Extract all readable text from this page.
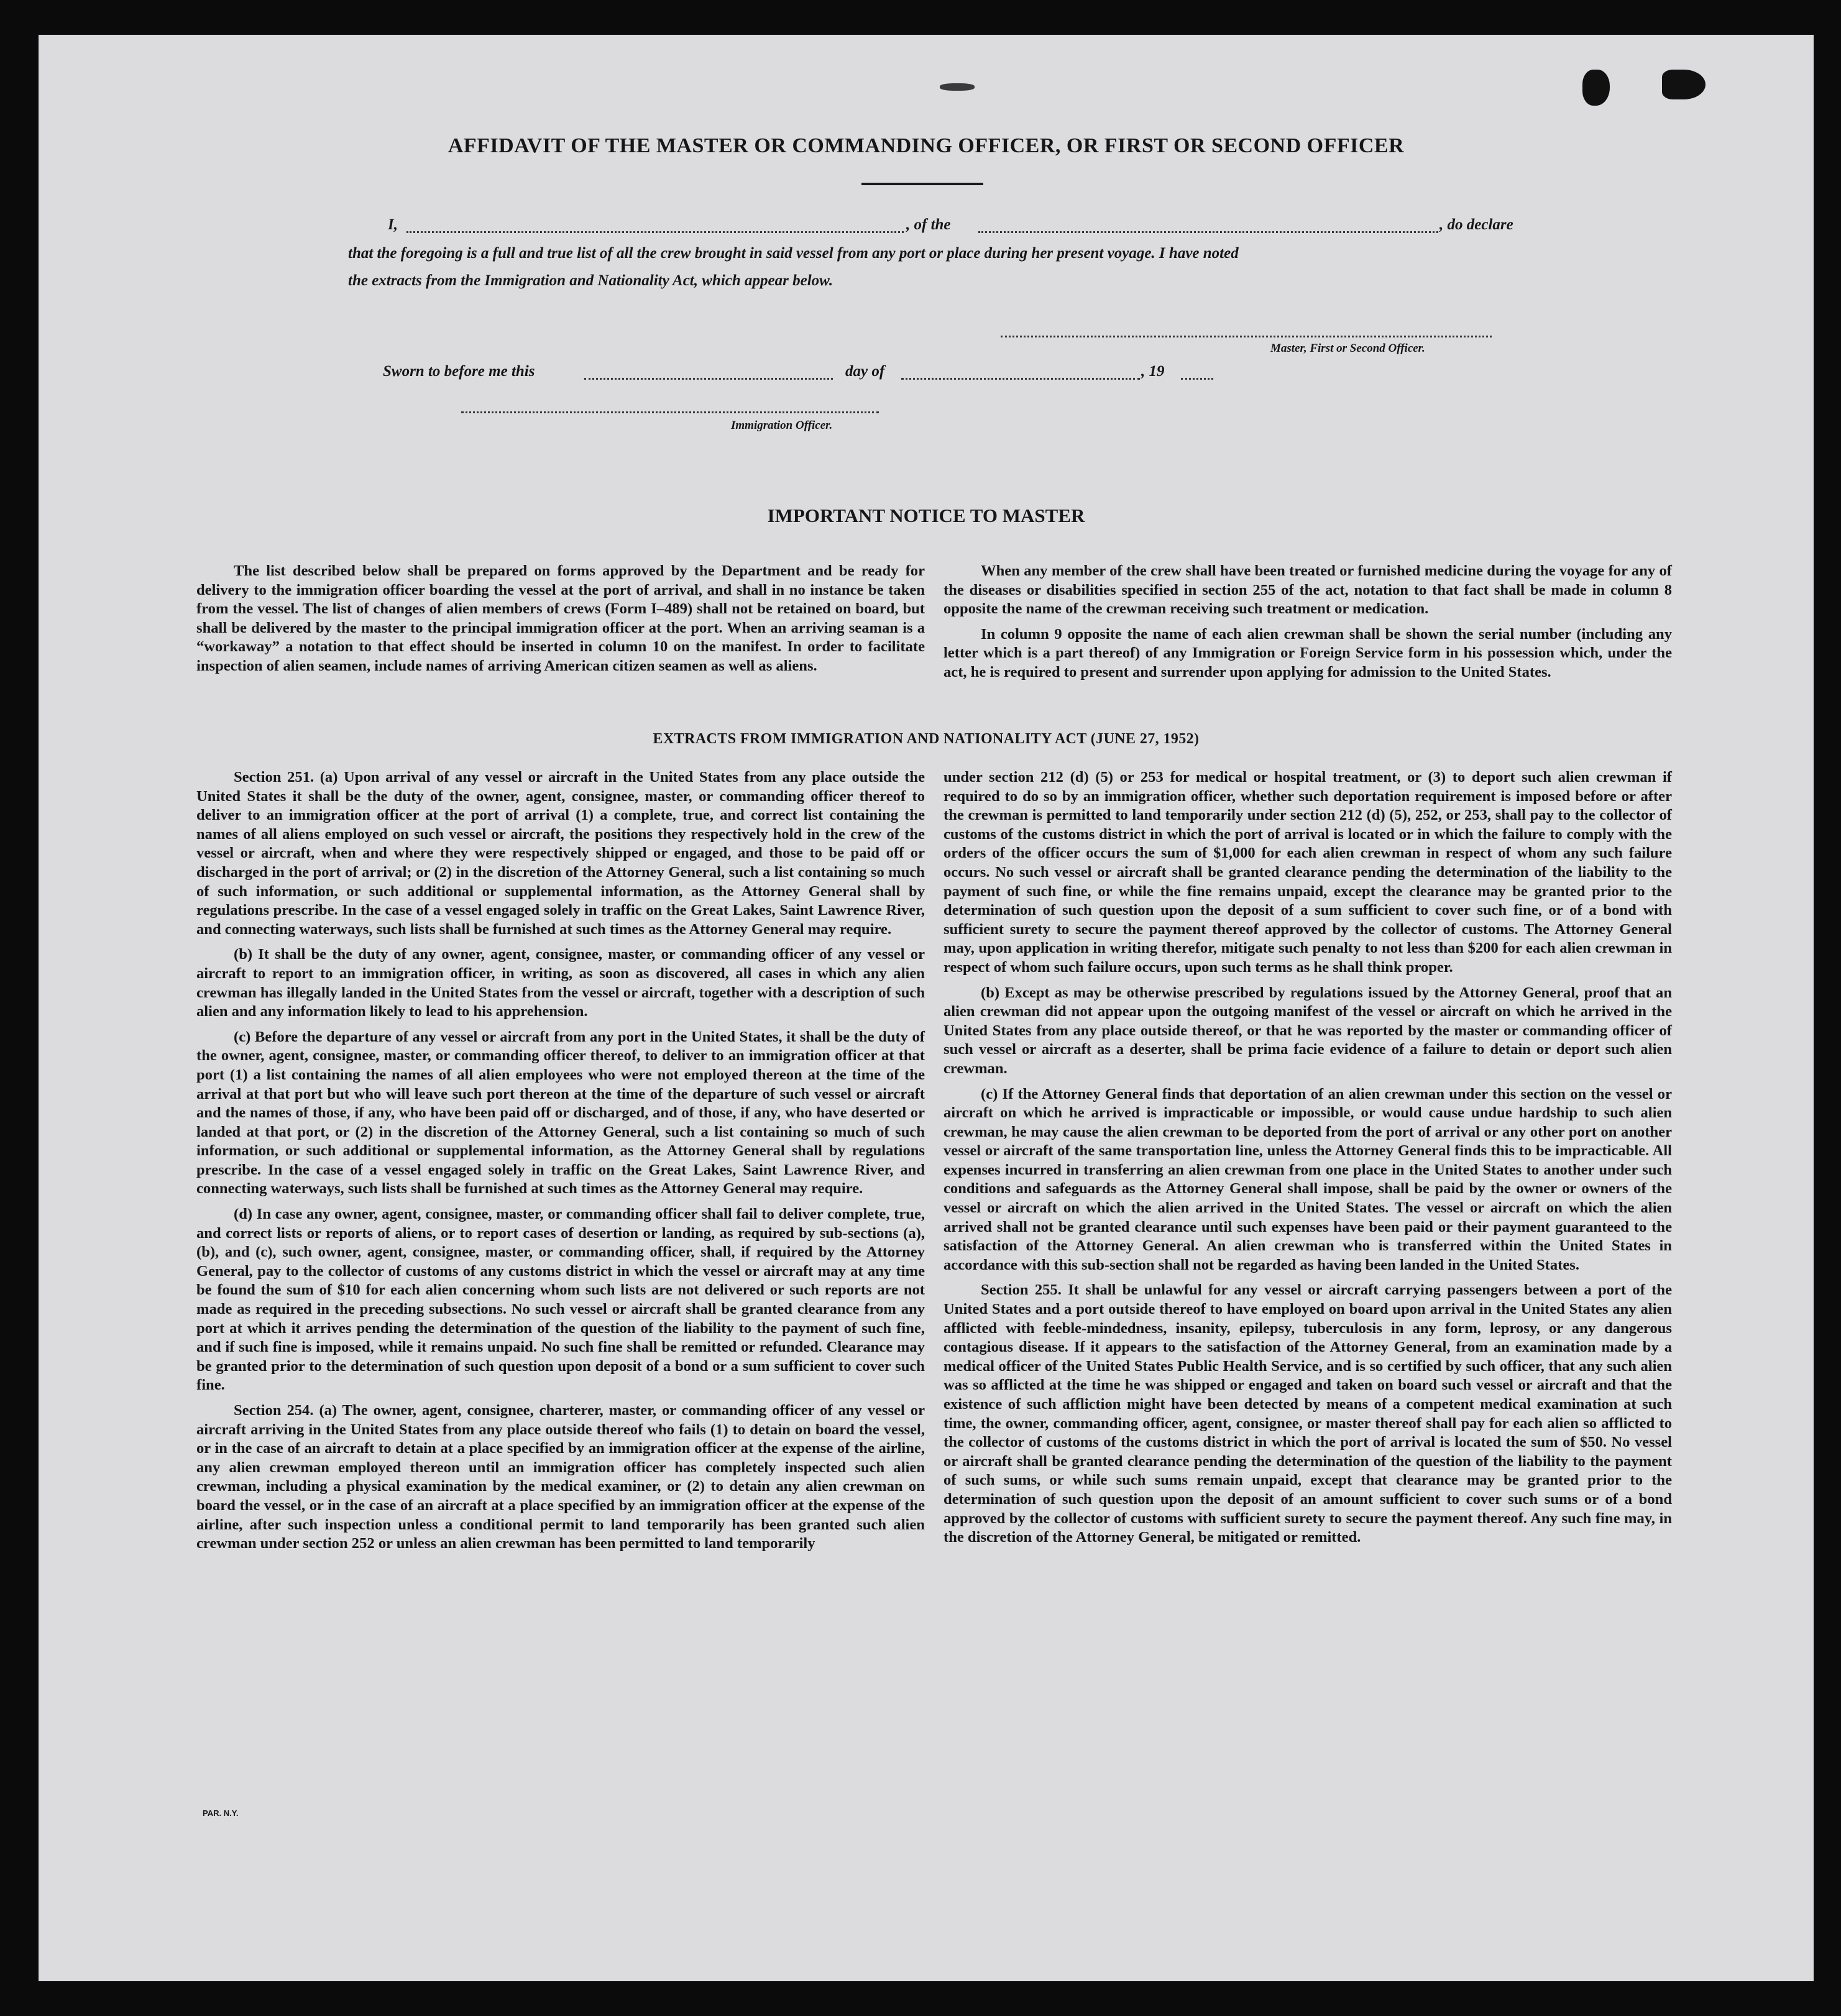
AFFIDAVIT OF THE MASTER OR COMMANDING OFFICER, OR FIRST OR SECOND OFFICER
I,	, of the	, do declare
that the foregoing is a full and true list of all the crew brought in said vessel from any port or place during her present voyage. I have noted
the extracts from the Immigration and Nationality Act, which appear below.
Master, First or Second Officer.
Sworn to before me this	day of	, 19
Immigration Officer.
IMPORTANT NOTICE TO MASTER

The list described below shall be prepared on forms approved by the Department and be ready for delivery to the immigration officer boarding the vessel at the port of arrival, and shall in no instance be taken from the vessel. The list of changes of alien members of crews (Form I–489) shall not be retained on board, but shall be delivered by the master to the principal immigration officer at the port. When an arriving seaman is a “workaway” a notation to that effect should be inserted in column 10 on the manifest. In order to facilitate inspection of alien seamen, include names of arriving American citizen seamen as well as aliens.

When any member of the crew shall have been treated or furnished medicine during the voyage for any of the diseases or disabilities specified in section 255 of the act, notation to that fact shall be made in column 8 opposite the name of the crewman receiving such treatment or medication.

In column 9 opposite the name of each alien crewman shall be shown the serial number (including any letter which is a part thereof) of any Immigration or Foreign Service form in his possession which, under the act, he is required to present and surrender upon applying for admission to the United States.

EXTRACTS FROM IMMIGRATION AND NATIONALITY ACT (JUNE 27, 1952)

Section 251. (a) Upon arrival of any vessel or aircraft in the United States from any place outside the United States it shall be the duty of the owner, agent, consignee, master, or commanding officer thereof to deliver to an immigration officer at the port of arrival (1) a complete, true, and correct list containing the names of all aliens employed on such vessel or aircraft, the positions they respectively hold in the crew of the vessel or aircraft, when and where they were respectively shipped or engaged, and those to be paid off or discharged in the port of arrival; or (2) in the discretion of the Attorney General, such a list containing so much of such information, or such additional or supplemental information, as the Attorney General shall by regulations prescribe. In the case of a vessel engaged solely in traffic on the Great Lakes, Saint Lawrence River, and connecting waterways, such lists shall be furnished at such times as the Attorney General may require.

(b) It shall be the duty of any owner, agent, consignee, master, or commanding officer of any vessel or aircraft to report to an immigration officer, in writing, as soon as discovered, all cases in which any alien crewman has illegally landed in the United States from the vessel or aircraft, together with a description of such alien and any information likely to lead to his apprehension.

(c) Before the departure of any vessel or aircraft from any port in the United States, it shall be the duty of the owner, agent, consignee, master, or commanding officer thereof, to deliver to an immigration officer at that port (1) a list containing the names of all alien employees who were not employed thereon at the time of the arrival at that port but who will leave such port thereon at the time of the departure of such vessel or aircraft and the names of those, if any, who have been paid off or discharged, and of those, if any, who have deserted or landed at that port, or (2) in the discretion of the Attorney General, such a list containing so much of such information, or such additional or supplemental information, as the Attorney General shall by regulations prescribe. In the case of a vessel engaged solely in traffic on the Great Lakes, Saint Lawrence River, and connecting waterways, such lists shall be furnished at such times as the Attorney General may require.

(d) In case any owner, agent, consignee, master, or commanding officer shall fail to deliver complete, true, and correct lists or reports of aliens, or to report cases of desertion or landing, as required by sub-sections (a), (b), and (c), such owner, agent, consignee, master, or commanding officer, shall, if required by the Attorney General, pay to the collector of customs of any customs district in which the vessel or aircraft may at any time be found the sum of $10 for each alien concerning whom such lists are not delivered or such reports are not made as required in the preceding subsections. No such vessel or aircraft shall be granted clearance from any port at which it arrives pending the determination of the question of the liability to the payment of such fine, and if such fine is imposed, while it remains unpaid. No such fine shall be remitted or refunded. Clearance may be granted prior to the determination of such question upon deposit of a bond or a sum sufficient to cover such fine.

Section 254. (a) The owner, agent, consignee, charterer, master, or commanding officer of any vessel or aircraft arriving in the United States from any place outside thereof who fails (1) to detain on board the vessel, or in the case of an aircraft to detain at a place specified by an immigration officer at the expense of the airline, any alien crewman employed thereon until an immigration officer has completely inspected such alien crewman, including a physical examination by the medical examiner, or (2) to detain any alien crewman on board the vessel, or in the case of an aircraft at a place specified by an immigration officer at the expense of the airline, after such inspection unless a conditional permit to land temporarily has been granted such alien crewman under section 252 or unless an alien crewman has been permitted to land temporarily

under section 212 (d) (5) or 253 for medical or hospital treatment, or (3) to deport such alien crewman if required to do so by an immigration officer, whether such deportation requirement is imposed before or after the crewman is permitted to land temporarily under section 212 (d) (5), 252, or 253, shall pay to the collector of customs of the customs district in which the port of arrival is located or in which the failure to comply with the orders of the officer occurs the sum of $1,000 for each alien crewman in respect of whom any such failure occurs. No such vessel or aircraft shall be granted clearance pending the determination of the liability to the payment of such fine, or while the fine remains unpaid, except the clearance may be granted prior to the determination of such question upon the deposit of a sum sufficient to cover such fine, or of a bond with sufficient surety to secure the payment thereof approved by the collector of customs. The Attorney General may, upon application in writing therefor, mitigate such penalty to not less than $200 for each alien crewman in respect of whom such failure occurs, upon such terms as he shall think proper.

(b) Except as may be otherwise prescribed by regulations issued by the Attorney General, proof that an alien crewman did not appear upon the outgoing manifest of the vessel or aircraft on which he arrived in the United States from any place outside thereof, or that he was reported by the master or commanding officer of such vessel or aircraft as a deserter, shall be prima facie evidence of a failure to detain or deport such alien crewman.

(c) If the Attorney General finds that deportation of an alien crewman under this section on the vessel or aircraft on which he arrived is impracticable or impossible, or would cause undue hardship to such alien crewman, he may cause the alien crewman to be deported from the port of arrival or any other port on another vessel or aircraft of the same transportation line, unless the Attorney General finds this to be impracticable. All expenses incurred in transferring an alien crewman from one place in the United States to another under such conditions and safeguards as the Attorney General shall impose, shall be paid by the owner or owners of the vessel or aircraft on which the alien arrived in the United States. The vessel or aircraft on which the alien arrived shall not be granted clearance until such expenses have been paid or their payment guaranteed to the satisfaction of the Attorney General. An alien crewman who is transferred within the United States in accordance with this sub-section shall not be regarded as having been landed in the United States.

Section 255. It shall be unlawful for any vessel or aircraft carrying passengers between a port of the United States and a port outside thereof to have employed on board upon arrival in the United States any alien afflicted with feeble-mindedness, insanity, epilepsy, tuberculosis in any form, leprosy, or any dangerous contagious disease. If it appears to the satisfaction of the Attorney General, from an examination made by a medical officer of the United States Public Health Service, and is so certified by such officer, that any such alien was so afflicted at the time he was shipped or engaged and taken on board such vessel or aircraft and that the existence of such affliction might have been detected by means of a competent medical examination at such time, the owner, commanding officer, agent, consignee, or master thereof shall pay for each alien so afflicted to the collector of customs of the customs district in which the port of arrival is located the sum of $50. No vessel or aircraft shall be granted clearance pending the determination of the question of the liability to the payment of such sums, or while such sums remain unpaid, except that clearance may be granted prior to the determination of such question upon the deposit of an amount sufficient to cover such sums or of a bond approved by the collector of customs with sufficient surety to secure the payment thereof. Any such fine may, in the discretion of the Attorney General, be mitigated or remitted.

PAR. N.Y.
